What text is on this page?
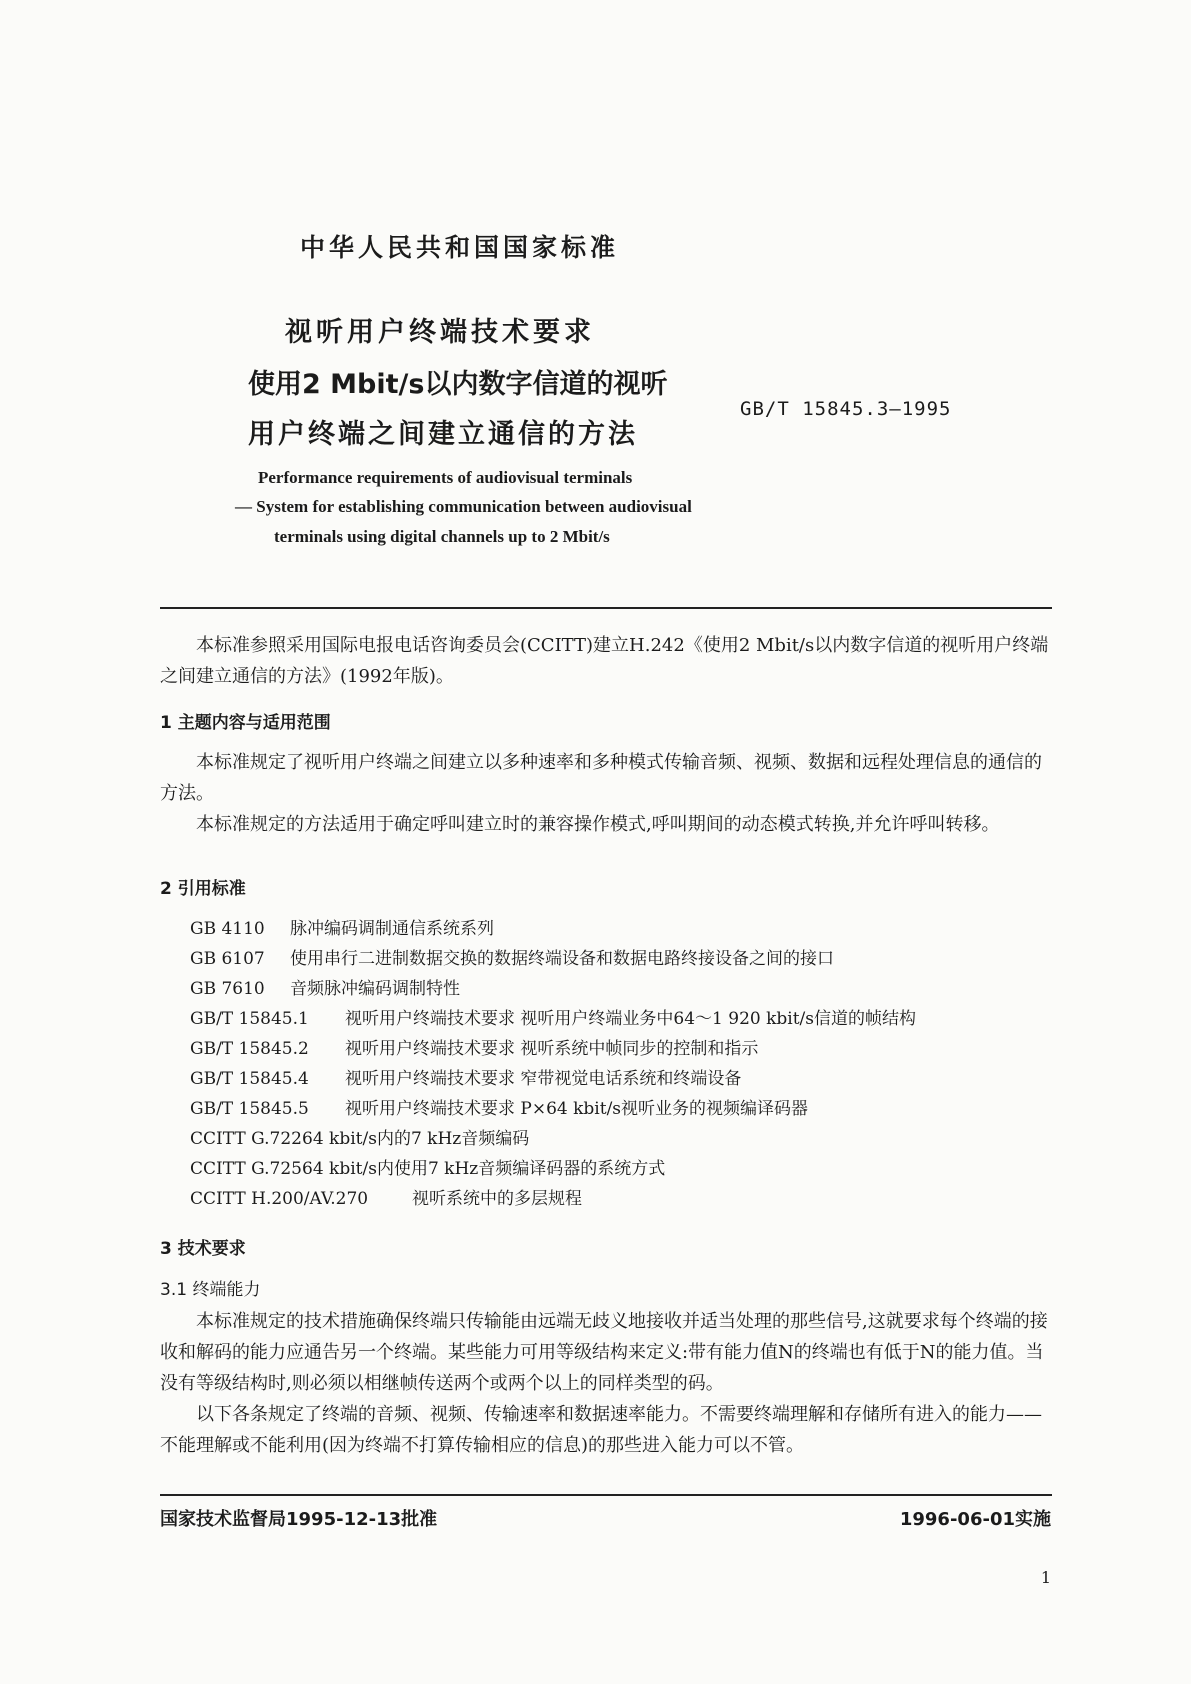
中华人民共和国国家标准
视听用户终端技术要求
使用2 Mbit/s以内数字信道的视听
用户终端之间建立通信的方法
GB/T 15845.3—1995
Performance requirements of audiovisual terminals
— System for establishing communication between audiovisual
terminals using digital channels up to 2 Mbit/s

本标准参照采用国际电报电话咨询委员会(CCITT)建立H.242《使用2 Mbit/s以内数字信道的视听用户终端之间建立通信的方法》(1992年版)。

1 主题内容与适用范围

本标准规定了视听用户终端之间建立以多种速率和多种模式传输音频、视频、数据和远程处理信息的通信的方法。

本标准规定的方法适用于确定呼叫建立时的兼容操作模式,呼叫期间的动态模式转换,并允许呼叫转移。

2 引用标准

GB 4110 脉冲编码调制通信系统系列
GB 6107 使用串行二进制数据交换的数据终端设备和数据电路终接设备之间的接口
GB 7610 音频脉冲编码调制特性
GB/T 15845.1 视听用户终端技术要求 视听用户终端业务中64～1 920 kbit/s信道的帧结构
GB/T 15845.2 视听用户终端技术要求 视听系统中帧同步的控制和指示
GB/T 15845.4 视听用户终端技术要求 窄带视觉电话系统和终端设备
GB/T 15845.5 视听用户终端技术要求 P×64 kbit/s视听业务的视频编译码器
CCITT G.72264 kbit/s内的7 kHz音频编码
CCITT G.72564 kbit/s内使用7 kHz音频编译码器的系统方式
CCITT H.200/AV.270	视听系统中的多层规程

3 技术要求

3.1 终端能力

本标准规定的技术措施确保终端只传输能由远端无歧义地接收并适当处理的那些信号,这就要求每个终端的接收和解码的能力应通告另一个终端。某些能力可用等级结构来定义:带有能力值N的终端也有低于N的能力值。当没有等级结构时,则必须以相继帧传送两个或两个以上的同样类型的码。

以下各条规定了终端的音频、视频、传输速率和数据速率能力。不需要终端理解和存储所有进入的能力——不能理解或不能利用(因为终端不打算传输相应的信息)的那些进入能力可以不管。

国家技术监督局1995-12-13批准	1996-06-01实施
1
